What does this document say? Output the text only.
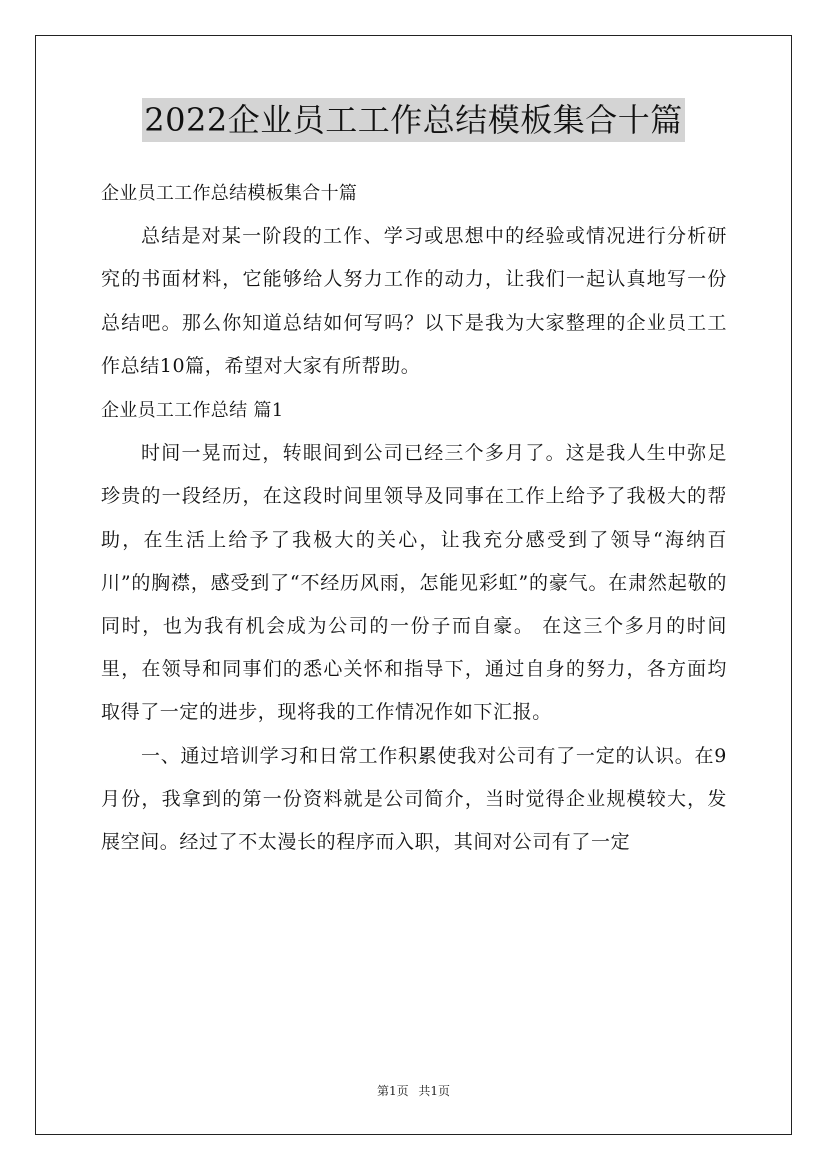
2022企业员工工作总结模板集合十篇

企业员工工作总结模板集合十篇

总结是对某一阶段的工作、学习或思想中的经验或情况进行分析研究的书面材料，它能够给人努力工作的动力，让我们一起认真地写一份总结吧。那么你知道总结如何写吗？以下是我为大家整理的企业员工工作总结10篇，希望对大家有所帮助。

企业员工工作总结 篇1

时间一晃而过，转眼间到公司已经三个多月了。这是我人生中弥足珍贵的一段经历，在这段时间里领导及同事在工作上给予了我极大的帮助，在生活上给予了我极大的关心，让我充分感受到了领导“海纳百川”的胸襟，感受到了“不经历风雨，怎能见彩虹”的豪气。在肃然起敬的同时，也为我有机会成为公司的一份子而自豪。 在这三个多月的时间里，在领导和同事们的悉心关怀和指导下，通过自身的努力，各方面均取得了一定的进步，现将我的工作情况作如下汇报。

一、通过培训学习和日常工作积累使我对公司有了一定的认识。在9月份，我拿到的第一份资料就是公司简介，当时觉得企业规模较大，发展空间。经过了不太漫长的程序而入职，其间对公司有了一定

第1页 共1页
